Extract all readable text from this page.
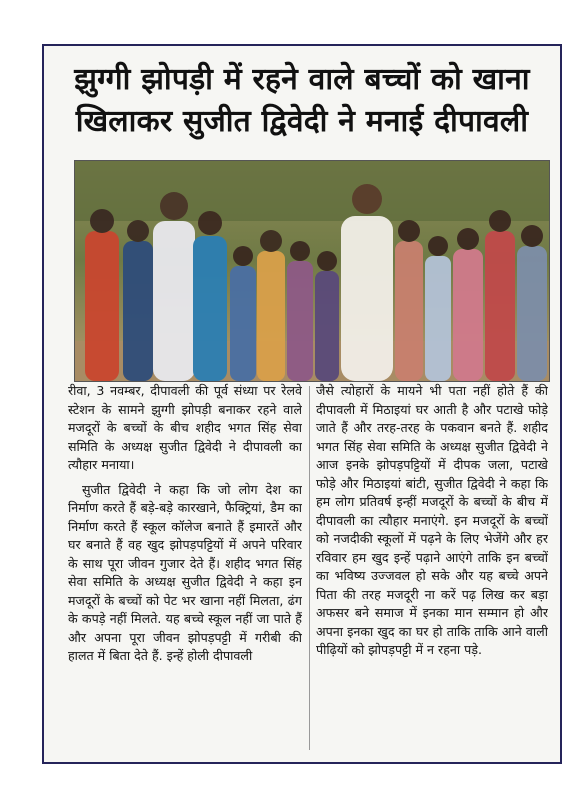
झुग्गी झोपड़ी में रहने वाले बच्चों को खाना
खिलाकर सुजीत द्विवेदी ने मनाई दीपावली

रीवा, 3 नवम्बर, दीपावली की पूर्व संध्या पर रेलवे स्टेशन के सामने झुग्गी झोपड़ी बनाकर रहने वाले मजदूरों के बच्चों के बीच शहीद भगत सिंह सेवा समिति के अध्यक्ष सुजीत द्विवेदी ने दीपावली का त्यौहार मनाया।

सुजीत द्विवेदी ने कहा कि जो लोग देश का निर्माण करते हैं बड़े-बड़े कारखाने, फैक्ट्रियां, डैम का निर्माण करते हैं स्कूल कॉलेज बनाते हैं इमारतें और घर बनाते हैं वह खुद झोपड़पट्टियों में अपने परिवार के साथ पूरा जीवन गुजार देते हैं। शहीद भगत सिंह सेवा समिति के अध्यक्ष सुजीत द्विवेदी ने कहा इन मजदूरों के बच्चों को पेट भर खाना नहीं मिलता, ढंग के कपड़े नहीं मिलते. यह बच्चे स्कूल नहीं जा पाते हैं और अपना पूरा जीवन झोपड़पट्टी में गरीबी की हालत में बिता देते हैं. इन्हें होली दीपावली

जैसे त्योहारों के मायने भी पता नहीं होते हैं की दीपावली में मिठाइयां घर आती है और पटाखे फोड़े जाते हैं और तरह-तरह के पकवान बनते हैं. शहीद भगत सिंह सेवा समिति के अध्यक्ष सुजीत द्विवेदी ने आज इनके झोपड़पट्टियों में दीपक जला, पटाखे फोड़े और मिठाइयां बांटी, सुजीत द्विवेदी ने कहा कि हम लोग प्रतिवर्ष इन्हीं मजदूरों के बच्चों के बीच में दीपावली का त्यौहार मनाएंगे. इन मजदूरों के बच्चों को नजदीकी स्कूलों में पढ़ने के लिए भेजेंगे और हर रविवार हम खुद इन्हें पढ़ाने आएंगे ताकि इन बच्चों का भविष्य उज्जवल हो सके और यह बच्चे अपने पिता की तरह मजदूरी ना करें पढ़ लिख कर बड़ा अफसर बने समाज में इनका मान सम्मान हो और अपना इनका खुद का घर हो ताकि ताकि आने वाली पीढ़ियों को झोपड़पट्टी में न रहना पड़े.
